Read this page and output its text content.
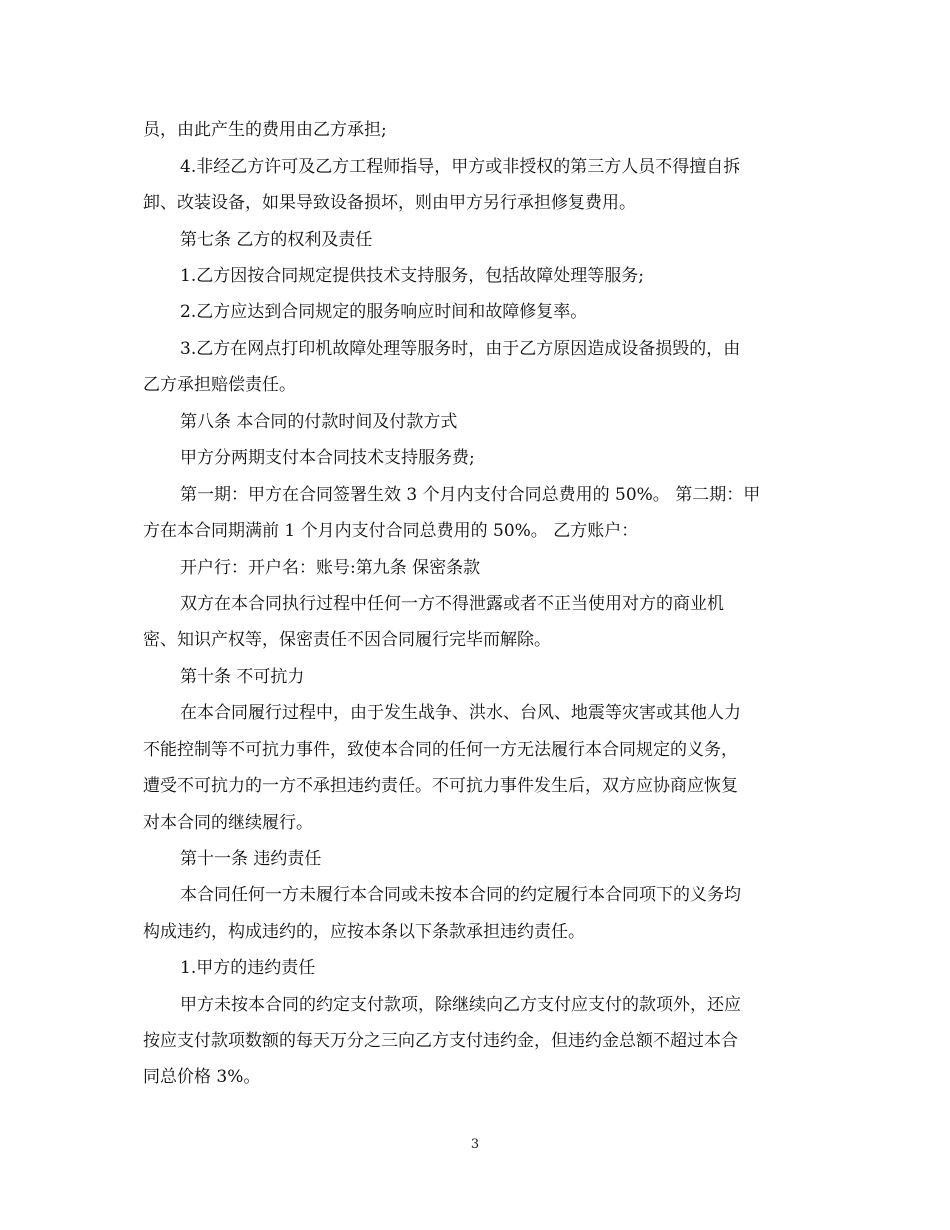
员，由此产生的费用由乙方承担;
4.非经乙方许可及乙方工程师指导，甲方或非授权的第三方人员不得擅自拆
卸、改装设备，如果导致设备损坏，则由甲方另行承担修复费用。
第七条 乙方的权利及责任
1.乙方因按合同规定提供技术支持服务，包括故障处理等服务;
2.乙方应达到合同规定的服务响应时间和故障修复率。
3.乙方在网点打印机故障处理等服务时，由于乙方原因造成设备损毁的，由
乙方承担赔偿责任。
第八条 本合同的付款时间及付款方式
甲方分两期支付本合同技术支持服务费;
第一期：甲方在合同签署生效 3 个月内支付合同总费用的 50%。 第二期：甲
方在本合同期满前 1 个月内支付合同总费用的 50%。 乙方账户：
开户行：开户名：账号:第九条 保密条款
双方在本合同执行过程中任何一方不得泄露或者不正当使用对方的商业机
密、知识产权等，保密责任不因合同履行完毕而解除。
第十条 不可抗力
在本合同履行过程中，由于发生战争、洪水、台风、地震等灾害或其他人力
不能控制等不可抗力事件，致使本合同的任何一方无法履行本合同规定的义务，
遭受不可抗力的一方不承担违约责任。不可抗力事件发生后，双方应协商应恢复
对本合同的继续履行。
第十一条 违约责任
本合同任何一方未履行本合同或未按本合同的约定履行本合同项下的义务均
构成违约，构成违约的，应按本条以下条款承担违约责任。
1.甲方的违约责任
甲方未按本合同的约定支付款项，除继续向乙方支付应支付的款项外，还应
按应支付款项数额的每天万分之三向乙方支付违约金，但违约金总额不超过本合
同总价格 3%。
3
